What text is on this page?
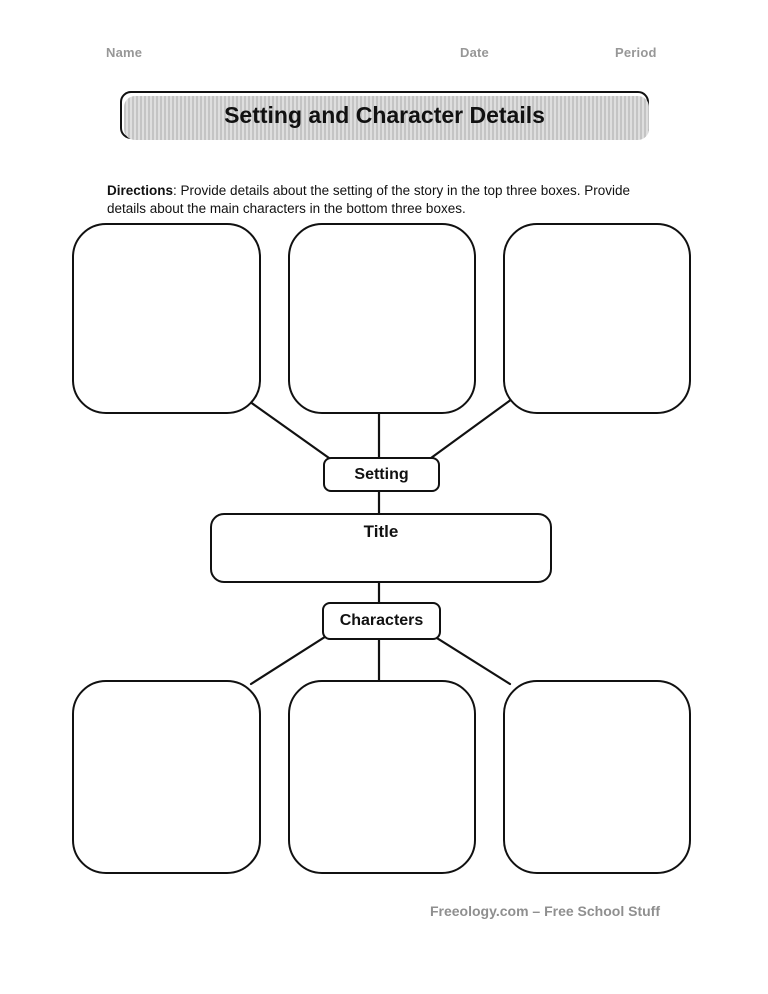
Name	Date	Period
Setting and Character Details

Directions: Provide details about the setting of the story in the top three boxes. Provide
details about the main characters in the bottom three boxes.

Setting
Title
Characters
Freeology.com – Free School Stuff
